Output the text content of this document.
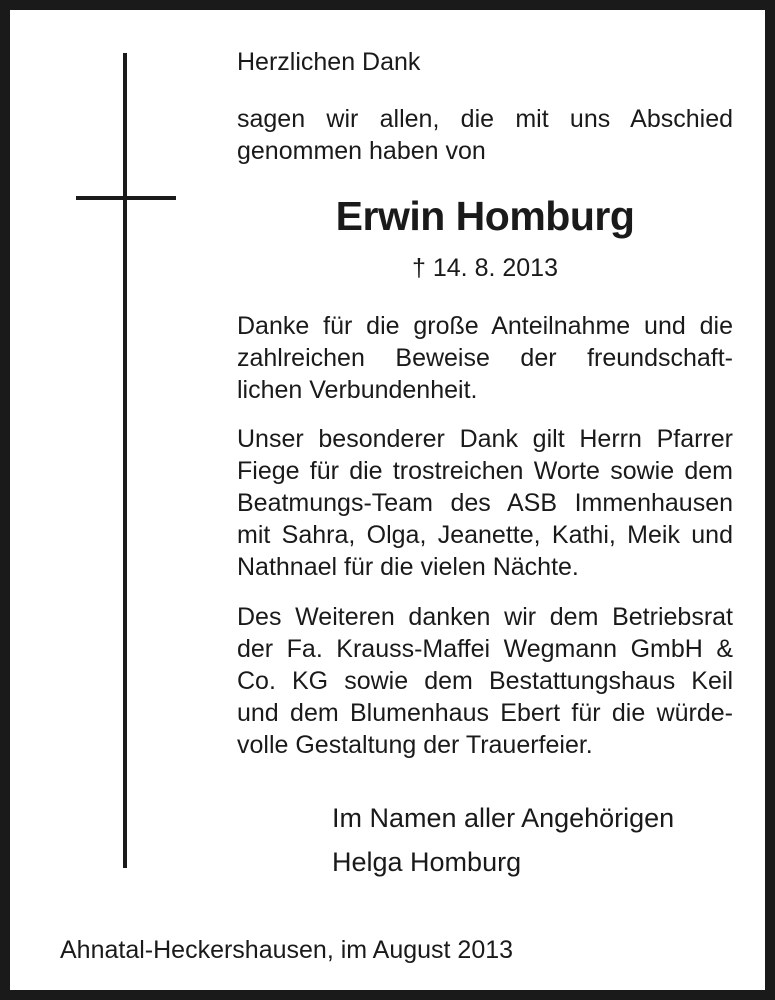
Herzlichen Dank
sagen wir allen, die mit uns Abschied
genommen haben von
Erwin Homburg
† 14. 8. 2013
Danke für die große Anteilnahme und die
zahlreichen Beweise der freundschaft-
lichen Verbundenheit.
Unser besonderer Dank gilt Herrn Pfarrer
Fiege für die trostreichen Worte sowie dem
Beatmungs-Team des ASB Immenhausen
mit Sahra, Olga, Jeanette, Kathi, Meik und
Nathnael für die vielen Nächte.
Des Weiteren danken wir dem Betriebsrat
der Fa. Krauss-Maffei Wegmann GmbH &
Co. KG sowie dem Bestattungshaus Keil
und dem Blumenhaus Ebert für die würde-
volle Gestaltung der Trauerfeier.
Im Namen aller Angehörigen
Helga Homburg
Ahnatal-Heckershausen, im August 2013
